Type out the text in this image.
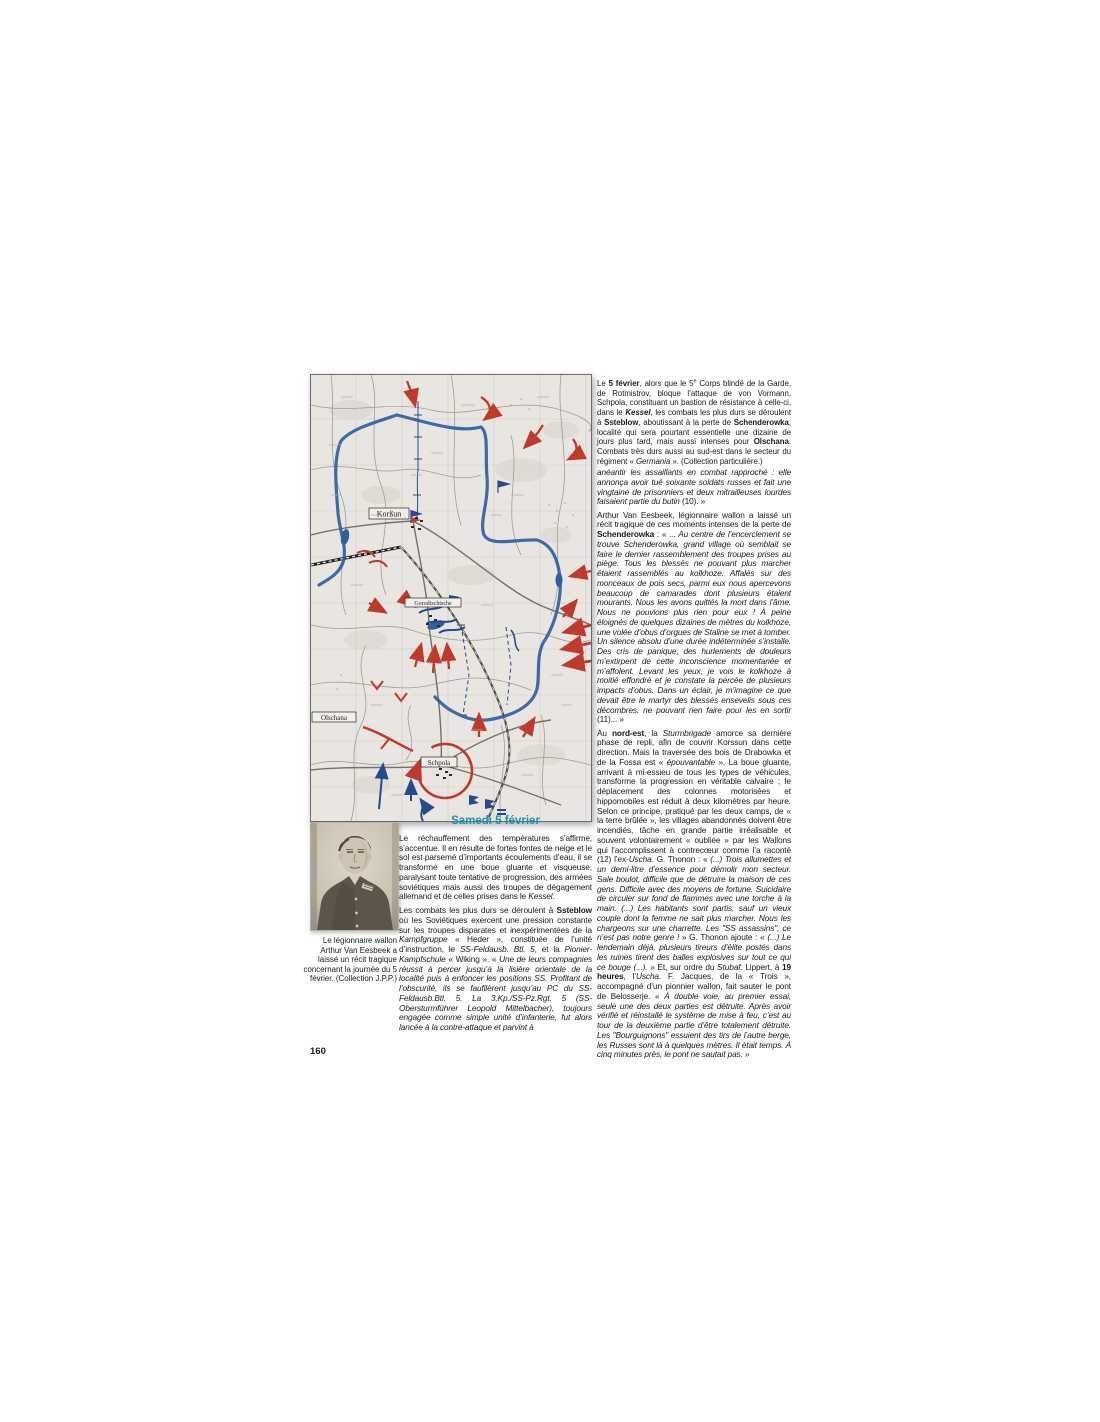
Korßun
Gorodischtsche
Schpola
Olschana
Le 5 février, alors que le 5e Corps blindé de la Garde, de Rotmistrov, bloque l’attaque de von Vormann, Schpola, constituant un bastion de résistance à celle-ci, dans le Kessel, les combats les plus durs se déroulent à Ssteblow, aboutissant à la perte de Schenderowka, localité qui sera pourtant essentielle une dizaine de jours plus tard, mais aussi intenses pour Olschana. Combats très durs aussi au sud-est dans le secteur du régiment « Germania ». (Collection particulière.)

anéantir les assaillants en combat rapproché : elle annonça avoir tué soixante soldats russes et fait une vingtaine de prisonniers et deux mitrailleuses lourdes faisaient partie du butin (10). »

Arthur Van Eesbeek, légionnaire wallon a laissé un récit tragique de ces moments intenses de la perte de Schenderowka : « ... Au centre de l’encerclement se trouve Schenderowka, grand village où semblait se faire le dernier rassemblement des troupes prises au piège. Tous les blessés ne pouvant plus marcher étaient rassemblés au kolkhoze. Affalés sur des monceaux de pois secs, parmi eux nous apercevons beaucoup de camarades dont plusieurs étaient mourants. Nous les avons quittés la mort dans l’âme. Nous ne pouvions plus rien pour eux ! À peine éloignés de quelques dizaines de mètres du kolkhoze, une volée d’obus d’orgues de Staline se met à tomber. Un silence absolu d’une durée indéterminée s’installe. Des cris de panique, des hurlements de douleurs m’extirpent de cette inconscience momentanée et m’affolent. Levant les yeux, je vois le kolkhoze à moitié effondré et je constate la percée de plusieurs impacts d’obus. Dans un éclair, je m’imagine ce que devait être le martyr des blessés ensevelis sous ces décombres, ne pouvant rien faire pour les en sortir (11)... »

Au nord-est, la Sturmbrigade amorce sa dernière phase de repli, afin de couvrir Korssun dans cette direction. Mais la traversée des bois de Drabowka et de la Fossa est « épouvantable ». La boue gluante, arrivant à mi-essieu de tous les types de véhicules, transforme la progression en véritable calvaire ; le déplacement des colonnes motorisées et hippomobiles est réduit à deux kilomètres par heure. Selon ce principe, pratiqué par les deux camps, de « la terre brûlée », les villages abandonnés doivent être incendiés, tâche en grande partie irréalisable et souvent volontairement « oubliée » par les Wallons qui l’accomplissent à contrecœur comme l’a raconté (12) l’ex-Uscha. G. Thonon : « (...) Trois allumettes et un demi-litre d’essence pour démolir mon secteur. Sale boulot, difficile que de détruire la maison de ces gens. Difficile avec des moyens de fortune. Suicidaire de circuler sur fond de flammes avec une torche à la main. (...) Les habitants sont partis, sauf un vieux couple dont la femme ne sait plus marcher. Nous les chargeons sur une charrette. Les "SS assassins", ce n’est pas notre genre ! » G. Thonon ajoute : « (...) Le lendemain déjà, plusieurs tireurs d’élite postés dans les ruines tirent des balles explosives sur tout ce qui ce bouge (...). » Et, sur ordre du Stubaf. Lippert, à 19 heures, l’Uscha. F. Jacques, de la « Trois », accompagné d’un pionnier wallon, fait sauter le pont de Belosserje. « À double voie, au premier essai, seule une des deux parties est détruite. Après avoir vérifié et réinstallé le système de mise à feu, c’est au tour de la deuxième partie d’être totalement détruite. Les "Bourguignons" essuient des tirs de l’autre berge, les Russes sont là à quelques mètres. Il était temps. À cinq minutes près, le pont ne sautait pas. »

Le légionnaire wallon Arthur Van Eesbeek a laissé un récit tragique concernant la journée du 5 février. (Collection J.P.P.)
Samedi 5 février

Le réchauffement des températures s’affirme, s’accentue. Il en résulte de fortes fontes de neige et le sol est parsemé d’importants écoulements d’eau, il se transforme en une boue gluante et visqueuse, paralysant toute tentative de progression, des armées soviétiques mais aussi des troupes de dégagement allemand et de celles prises dans le Kessel.

Les combats les plus durs se déroulent à Ssteblow où les Soviétiques exercent une pression constante sur les troupes disparates et inexpérimentées de la Kampfgruppe « Heder », constituée de l’unité d’instruction, le SS-Feldausb. Btl. 5, et la Pionier-Kampfschule « Wiking ». « Une de leurs compagnies réussit à percer jusqu’à la lisière orientale de la localité puis à enfoncer les positions SS. Profitant de l’obscurité, ils se faufilèrent jusqu’au PC du SS-Feldausb.Btl. 5. La 3.Kp./SS-Pz.Rgt. 5 (SS-Obersturmführer Leopold Mittelbacher), toujours engagée comme simple unité d’infanterie, fut alors lancée à la contre-attaque et parvint à

160
